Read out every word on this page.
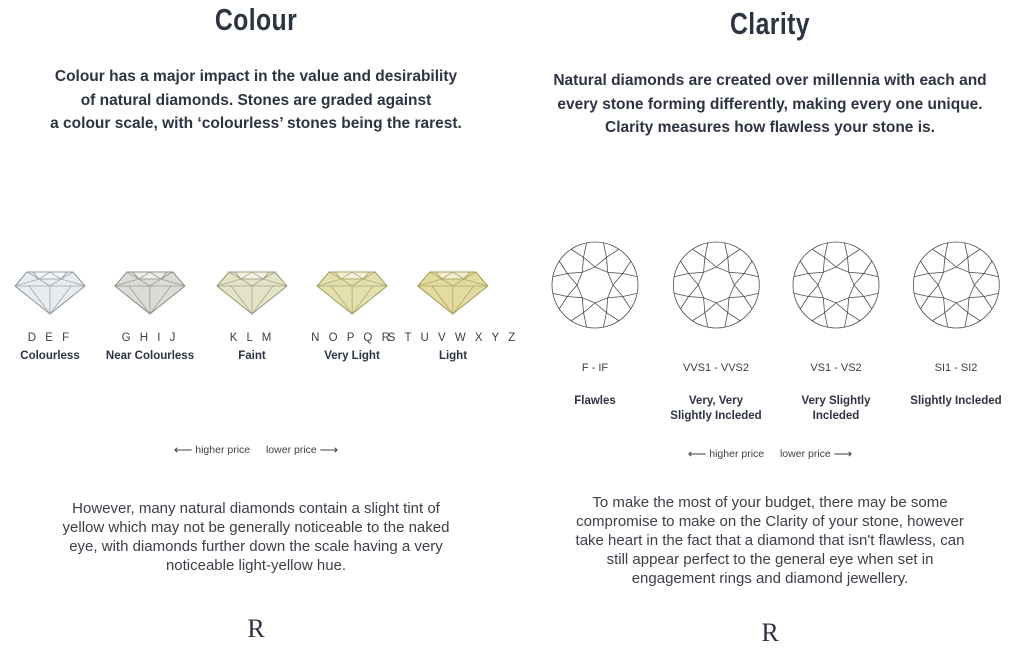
Colour
Colour has a major impact in the value and desirability
of natural diamonds. Stones are graded against
a colour scale, with ‘colourless’ stones being the rarest.
D E F
Colourless
G H I J
Near Colourless
K L M
Faint
N O P Q R
Very Light
S T U V W X Y Z
Light
⟵ higher price lower price ⟶
However, many natural diamonds contain a slight tint of
yellow which may not be generally noticeable to the naked
eye, with diamonds further down the scale having a very
noticeable light-yellow hue.
R
Clarity
Natural diamonds are created over millennia with each and
every stone forming differently, making every one unique.
Clarity measures how flawless your stone is.
F - IF
Flawles
VVS1 - VVS2
Very, Very
Slightly Incleded
VS1 - VS2
Very Slightly
Incleded
SI1 - SI2
Slightly Incleded
⟵ higher price lower price ⟶
To make the most of your budget, there may be some
compromise to make on the Clarity of your stone, however
take heart in the fact that a diamond that isn't flawless, can
still appear perfect to the general eye when set in
engagement rings and diamond jewellery.
R
